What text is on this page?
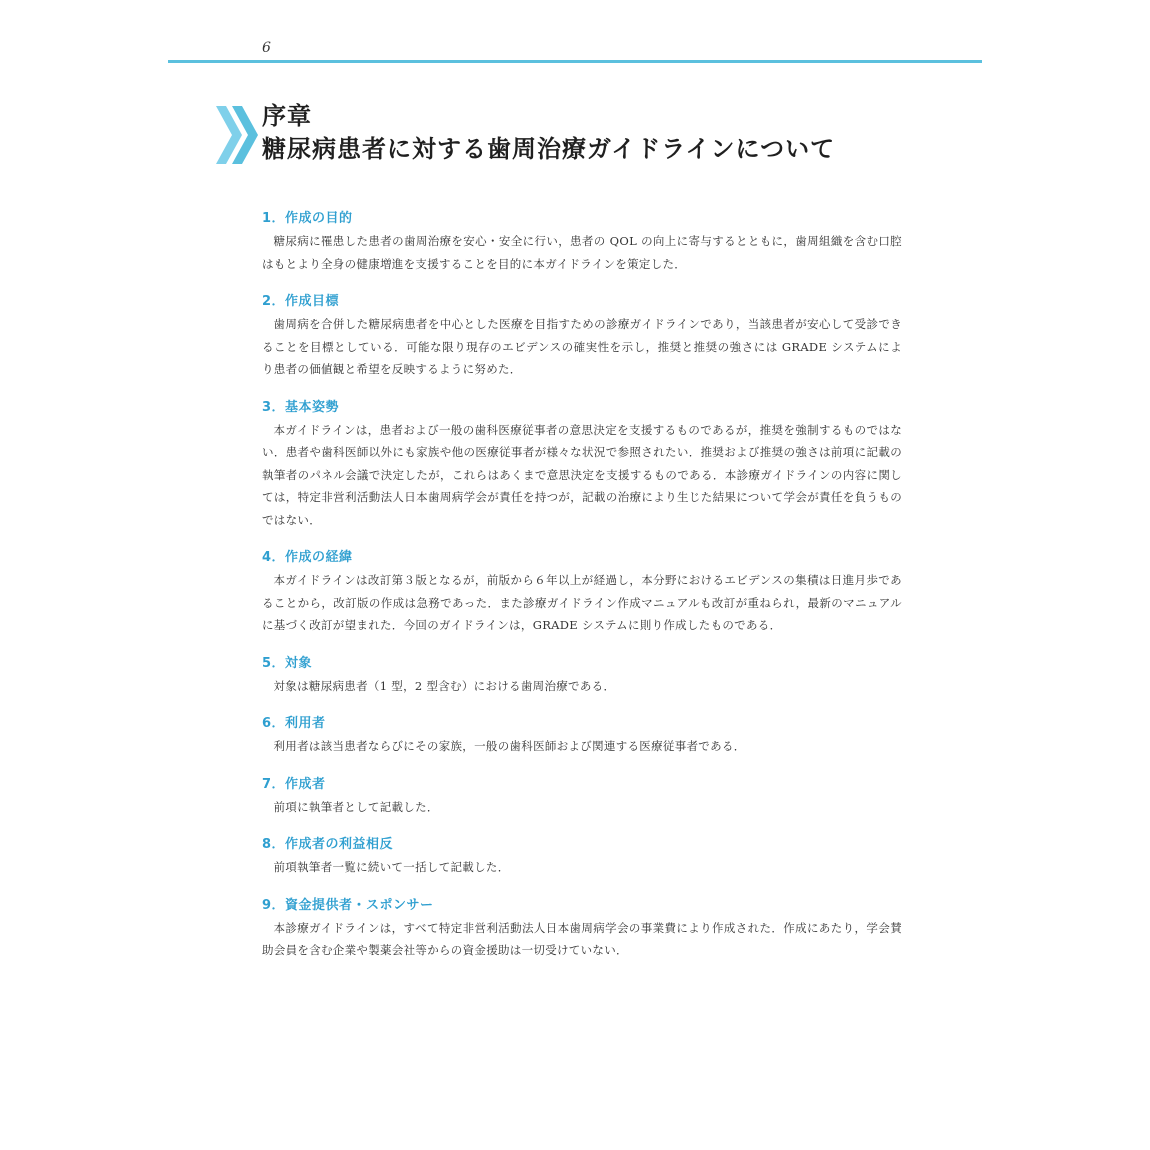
6
序章
糖尿病患者に対する歯周治療ガイドラインについて
1．作成の目的
糖尿病に罹患した患者の歯周治療を安心・安全に行い，患者の QOL の向上に寄与するとともに，歯周組織を含む口腔はもとより全身の健康増進を支援することを目的に本ガイドラインを策定した．
2．作成目標
歯周病を合併した糖尿病患者を中心とした医療を目指すための診療ガイドラインであり，当該患者が安心して受診できることを目標としている．可能な限り現存のエビデンスの確実性を示し，推奨と推奨の強さには GRADE システムにより患者の価値観と希望を反映するように努めた．
3．基本姿勢
本ガイドラインは，患者および一般の歯科医療従事者の意思決定を支援するものであるが，推奨を強制するものではない．患者や歯科医師以外にも家族や他の医療従事者が様々な状況で参照されたい．推奨および推奨の強さは前項に記載の執筆者のパネル会議で決定したが，これらはあくまで意思決定を支援するものである．本診療ガイドラインの内容に関しては，特定非営利活動法人日本歯周病学会が責任を持つが，記載の治療により生じた結果について学会が責任を負うものではない．
4．作成の経緯
本ガイドラインは改訂第３版となるが，前版から６年以上が経過し，本分野におけるエビデンスの集積は日進月歩であることから，改訂版の作成は急務であった．また診療ガイドライン作成マニュアルも改訂が重ねられ，最新のマニュアルに基づく改訂が望まれた．今回のガイドラインは，GRADE システムに則り作成したものである．
5．対象
対象は糖尿病患者（1 型，2 型含む）における歯周治療である．
6．利用者
利用者は該当患者ならびにその家族，一般の歯科医師および関連する医療従事者である．
7．作成者
前項に執筆者として記載した．
8．作成者の利益相反
前項執筆者一覧に続いて一括して記載した．
9．資金提供者・スポンサー
本診療ガイドラインは，すべて特定非営利活動法人日本歯周病学会の事業費により作成された．作成にあたり，学会賛助会員を含む企業や製薬会社等からの資金援助は一切受けていない．
